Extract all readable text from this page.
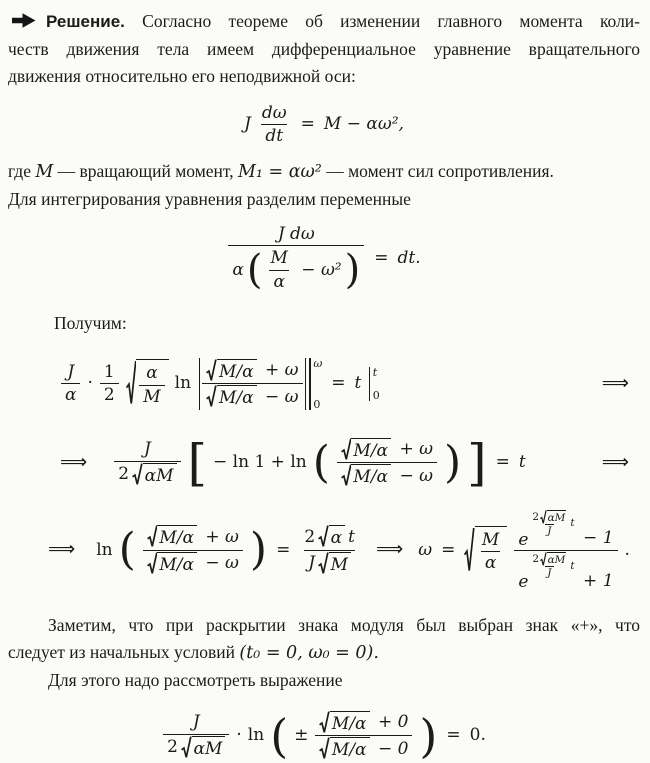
Решение. Согласно теореме об изменении главного момента коли-
честв движения тела имеем дифференциальное уравнение вращательного
движения относительно его неподвижной оси:
J $\frac{d\omega}{dt} = M - \alpha\omega^2$,
где M — вращающий момент, M₁ = αω² — момент сил сопротивления.
Для интегрирования уравнения разделим переменные
J dω
α ( $\frac{M}{\alpha} - \omega^2$ ) = dt.
Получим:
$\frac{J}{\alpha} \cdot \frac{1}{2} \frac{\alpha}{M}$ $\ln \frac{M/\alpha + \omega}{M/\alpha - \omega}$ ω
0
= t
t
0
⟹
⟹ $\frac{J}{2 \alpha M}$ [ − ln 1 + ln ( $\frac{M/\alpha + \omega}{M/\alpha - \omega}$ ) ] = t	⟹
⟹ ln ( $\frac{M/\alpha + \omega}{M/\alpha - \omega}$ ) = $\frac{\text{2 α t}}{\text{J M}}$ ⟹ $\omega = \frac{M}{\alpha}$ e
2 αM
J
t
− 1
e
2 αM
J
t
+ 1
.
Заметим, что при раскрытии знака модуля был выбран знак «+», что
следует из начальных условий (t₀ = 0, ω₀ = 0).
Для этого надо рассмотреть выражение
$\frac{J}{2 \alpha M} \cdot \ln$ ( ± $\frac{M/\alpha + 0}{M/\alpha - 0}$ ) = 0.
